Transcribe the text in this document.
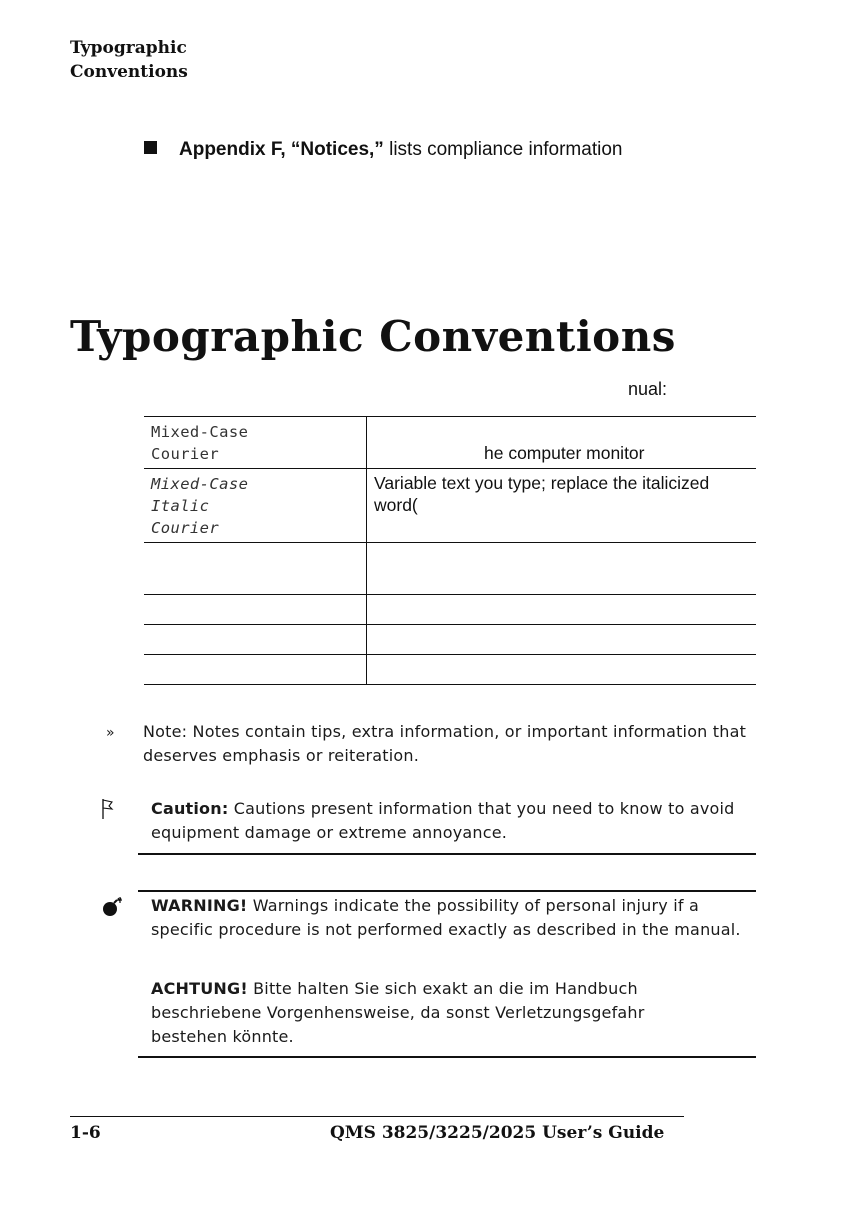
Typographic
Conventions
Appendix F, “Notices,” lists compliance information
Typographic Conventions
nual:
Mixed-Case
Courier	he computer monitor

Mixed-Case
Italic
Courier	Variable text you type; replace the italicized word(

» Note: Notes contain tips, extra information, or important information that deserves emphasis or reiteration.
Caution: Cautions present information that you need to know to avoid equipment damage or extreme annoyance.
WARNING! Warnings indicate the possibility of personal injury if a specific procedure is not performed exactly as described in the manual.
ACHTUNG! Bitte halten Sie sich exakt an die im Handbuch beschriebene Vorgenhensweise, da sonst Verletzungsgefahr bestehen könnte.
1-6	QMS 3825/3225/2025 User’s Guide
